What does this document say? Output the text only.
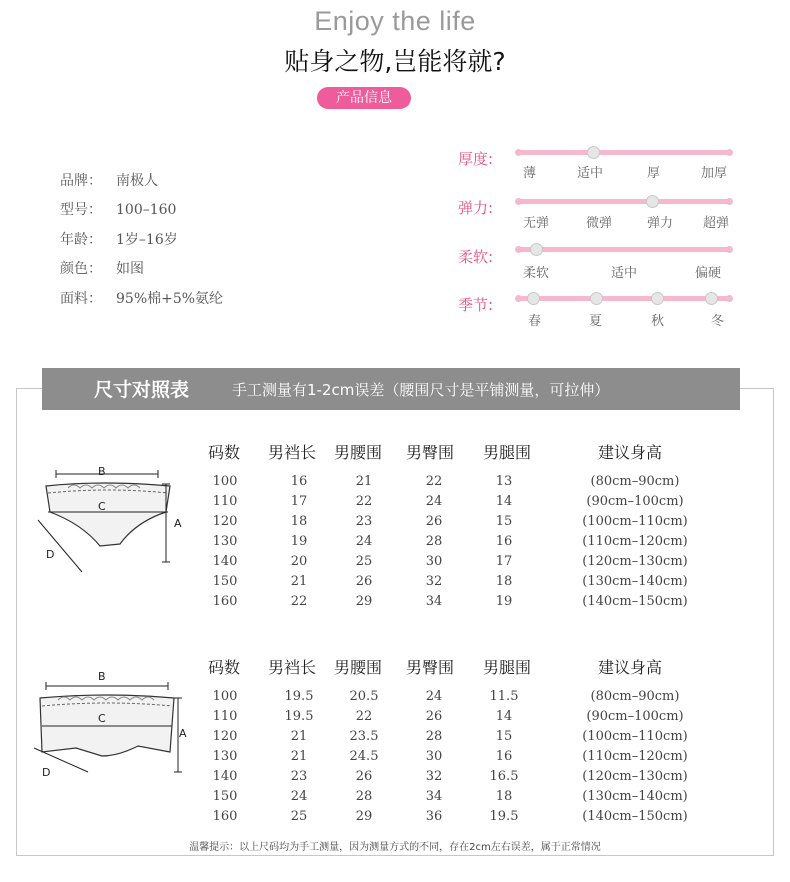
Enjoy the life
贴身之物,岂能将就?
产品信息
品牌： 南极人
型号： 100–160
年龄： 1岁–16岁
颜色： 如图
面料： 95%棉+5%氨纶
厚度:
薄	适中	厚	加厚
弹力:
无弹	微弹	弹力 超弹
柔软:
柔软	适中	偏硬
季节:
春	夏	秋	冬
尺寸对照表	手工测量有1-2cm误差（腰围尺寸是平铺测量，可拉伸）
B
C
A
D
B
C
A
D
码数 男裆长 男腰围 男臀围 男腿围	建议身高
100	16	21	22	13	(80cm–90cm)
110	17	22	24	14	(90cm–100cm)
120	18	23	26	15	(100cm–110cm)
130	19	24	28	16	(110cm–120cm)
140	20	25	30	17	(120cm–130cm)
150	21	26	32	18	(130cm–140cm)
160	22	29	34	19	(140cm–150cm)
码数 男裆长 男腰围 男臀围 男腿围	建议身高
100	19.5	20.5	24	11.5	(80cm–90cm)
110	19.5	22	26	14	(90cm–100cm)
120	21	23.5	28	15	(100cm–110cm)
130	21	24.5	30	16	(110cm–120cm)
140	23	26	32	16.5	(120cm–130cm)
150	24	28	34	18	(130cm–140cm)
160	25	29	36	19.5	(140cm–150cm)
温馨提示：以上尺码均为手工测量，因为测量方式的不同，存在2cm左右误差，属于正常情况
